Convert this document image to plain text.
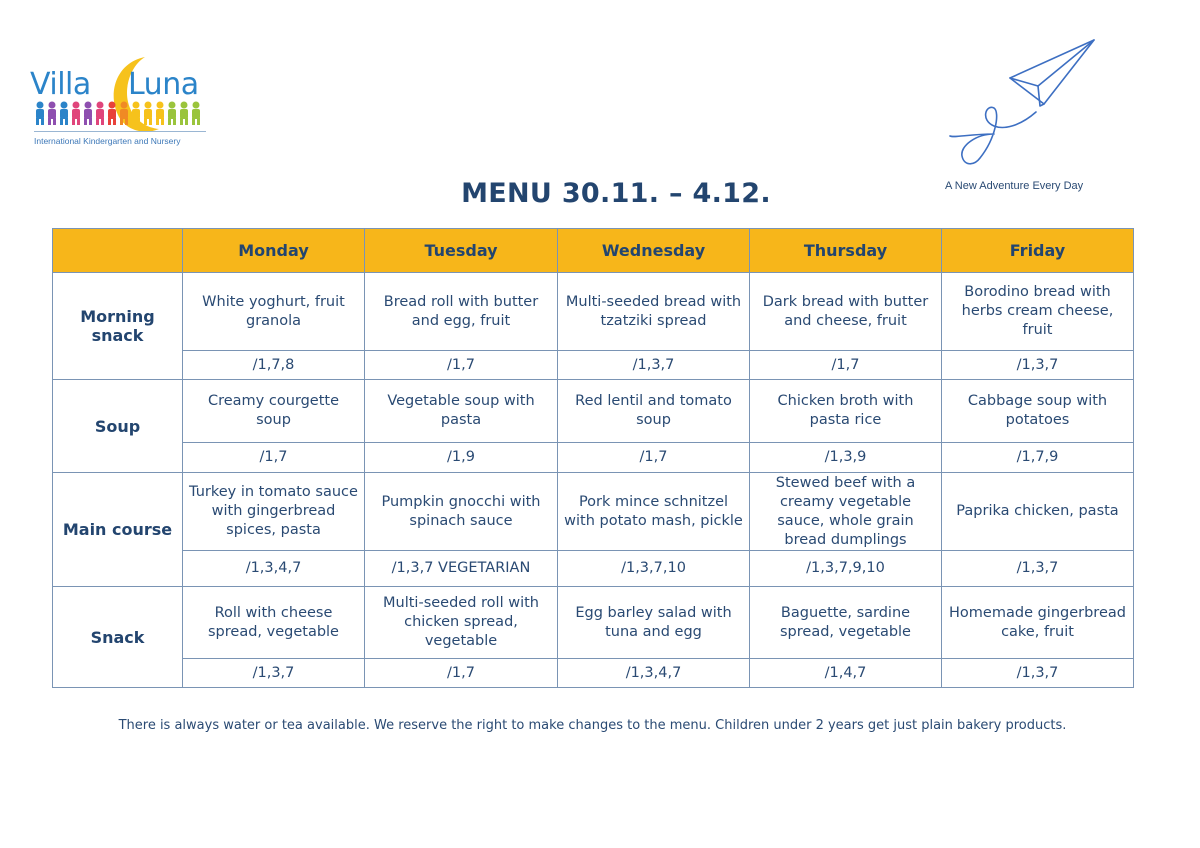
Villa Luna
International Kindergarten and Nursery
A New Adventure Every Day
MENU 30.11. – 4.12.
	Monday	Tuesday	Wednesday	Thursday	Friday
Morning snack	White yoghurt, fruit granola	Bread roll with butter and egg, fruit	Multi-seeded bread with tzatziki spread	Dark bread with butter and cheese, fruit	Borodino bread with herbs cream cheese, fruit
	/1,7,8	/1,7	/1,3,7	/1,7	/1,3,7
Soup	Creamy courgette soup	Vegetable soup with pasta	Red lentil and tomato soup	Chicken broth with pasta rice	Cabbage soup with potatoes
	/1,7	/1,9	/1,7	/1,3,9	/1,7,9
Main course	Turkey in tomato sauce with gingerbread spices, pasta	Pumpkin gnocchi with spinach sauce	Pork mince schnitzel with potato mash, pickle	Stewed beef with a creamy vegetable sauce, whole grain bread dumplings	Paprika chicken, pasta
	/1,3,4,7	/1,3,7 VEGETARIAN	/1,3,7,10	/1,3,7,9,10	/1,3,7
Snack	Roll with cheese spread, vegetable	Multi-seeded roll with chicken spread, vegetable	Egg barley salad with tuna and egg	Baguette, sardine spread, vegetable	Homemade gingerbread cake, fruit
	/1,3,7	/1,7	/1,3,4,7	/1,4,7	/1,3,7
There is always water or tea available. We reserve the right to make changes to the menu. Children under 2 years get just plain bakery products.
